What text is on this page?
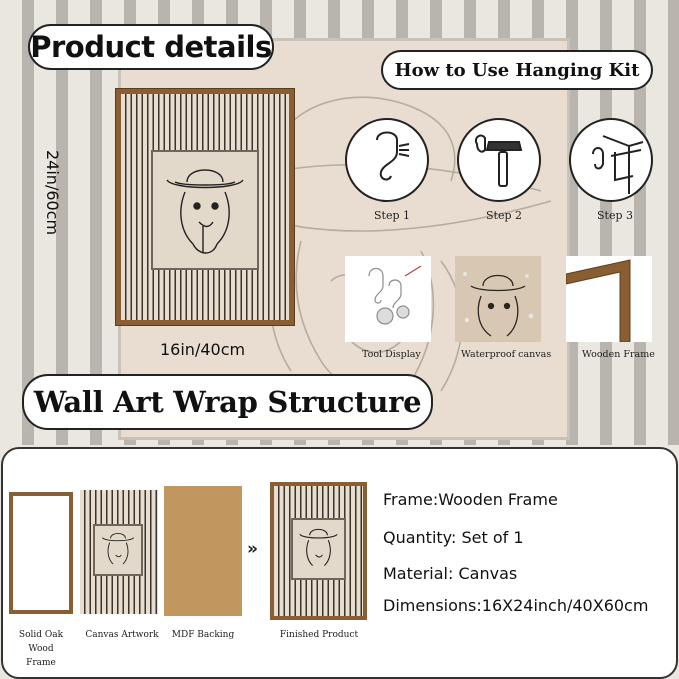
Product details
How to Use Hanging Kit
24in/60cm
16in/40cm
Step 1	Step 2	Step 3
Tool Display	Waterproof canvas	Wooden Frame
Wall Art Wrap Structure
»
Solid Oak Wood
Frame
Canvas Artwork	MDF Backing	Finished Product
Frame:Wooden Frame
Quantity: Set of 1
Material: Canvas
Dimensions:16X24inch/40X60cm
